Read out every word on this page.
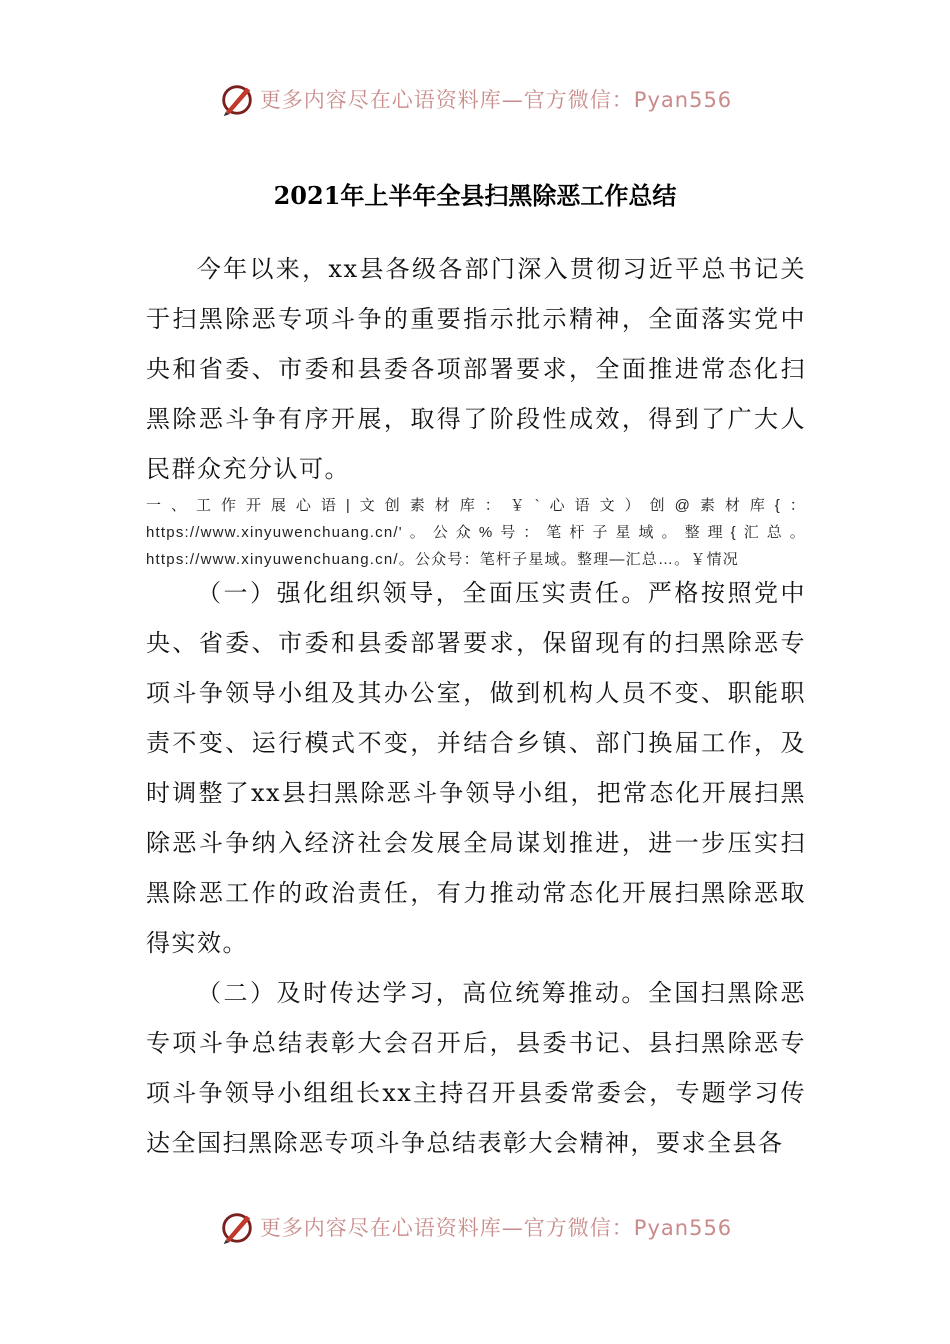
更多内容尽在心语资料库—官方微信：Pyan556
2021年上半年全县扫黑除恶工作总结

今年以来，xx县各级各部门深入贯彻习近平总书记关于扫黑除恶专项斗争的重要指示批示精神，全面落实党中央和省委、市委和县委各项部署要求，全面推进常态化扫黑除恶斗争有序开展，取得了阶段性成效，得到了广大人民群众充分认可。

一、工作开展心语|文创素材库：￥`心语文）创@素材库{：https://www.xinyuwenchuang.cn/'。公众%号：笔杆子星域。整理{汇总。https://www.xinyuwenchuang.cn/。公众号：笔杆子星域。整理—汇总…。￥情况

（一）强化组织领导，全面压实责任。严格按照党中央、省委、市委和县委部署要求，保留现有的扫黑除恶专项斗争领导小组及其办公室，做到机构人员不变、职能职责不变、运行模式不变，并结合乡镇、部门换届工作，及时调整了xx县扫黑除恶斗争领导小组，把常态化开展扫黑除恶斗争纳入经济社会发展全局谋划推进，进一步压实扫黑除恶工作的政治责任，有力推动常态化开展扫黑除恶取得实效。

（二）及时传达学习，高位统筹推动。全国扫黑除恶专项斗争总结表彰大会召开后，县委书记、县扫黑除恶专项斗争领导小组组长xx主持召开县委常委会，专题学习传达全国扫黑除恶专项斗争总结表彰大会精神，要求全县各

更多内容尽在心语资料库—官方微信：Pyan556
